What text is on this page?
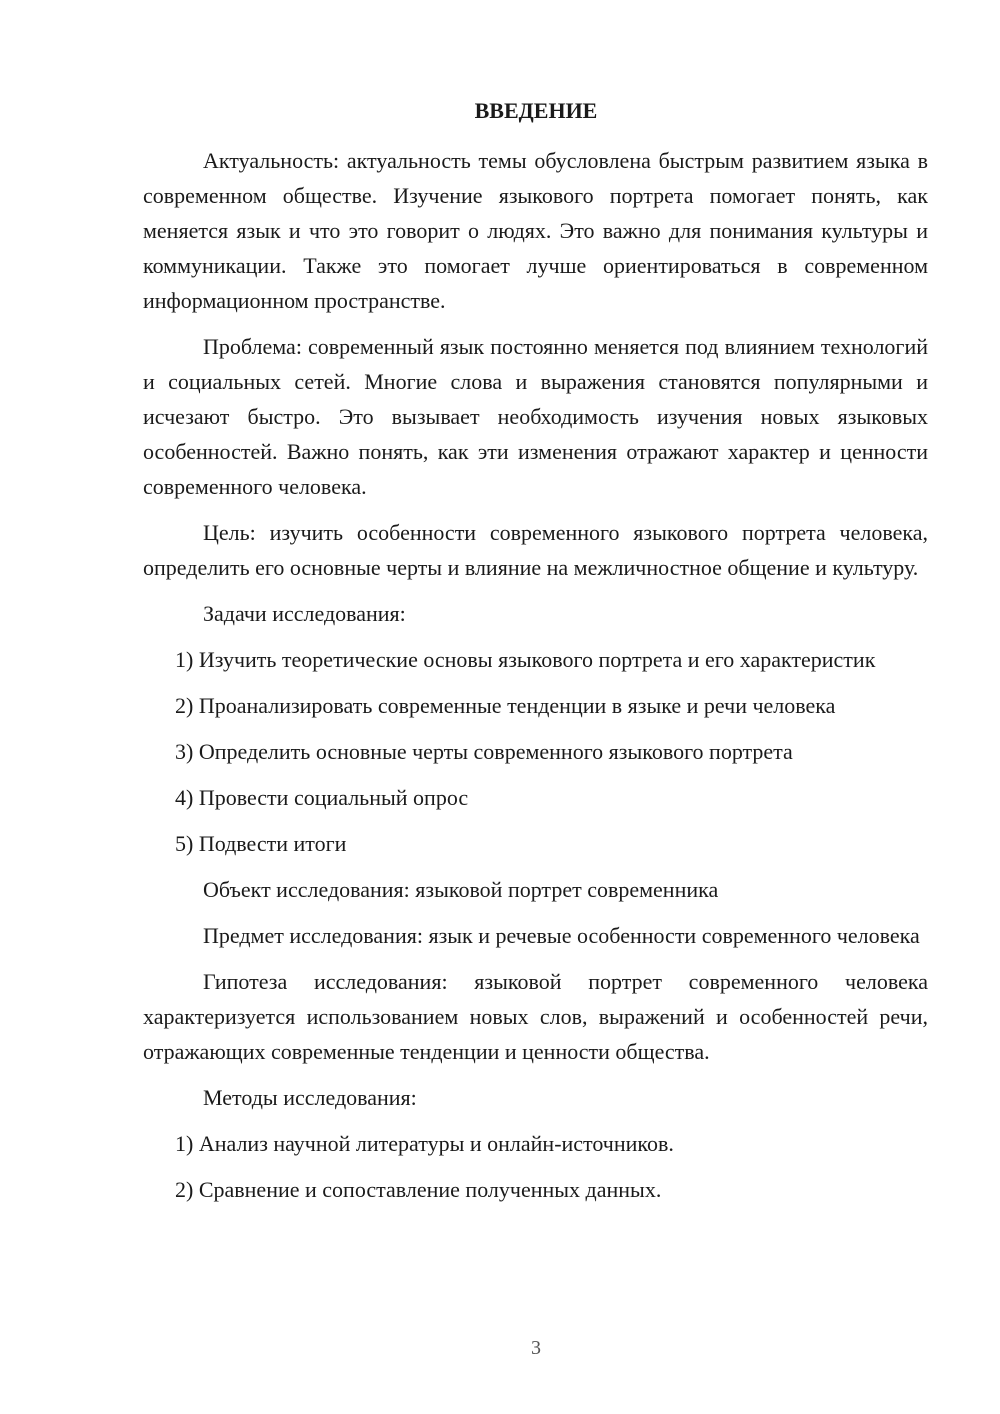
ВВЕДЕНИЕ

Актуальность: актуальность темы обусловлена быстрым развитием языка в современном обществе. Изучение языкового портрета помогает понять, как меняется язык и что это говорит о людях. Это важно для понимания культуры и коммуникации. Также это помогает лучше ориентироваться в современном информационном пространстве.

Проблема: современный язык постоянно меняется под влиянием технологий и социальных сетей. Многие слова и выражения становятся популярными и исчезают быстро. Это вызывает необходимость изучения новых языковых особенностей. Важно понять, как эти изменения отражают характер и ценности современного человека.

Цель: изучить особенности современного языкового портрета человека, определить его основные черты и влияние на межличностное общение и культуру.

Задачи исследования:

1) Изучить теоретические основы языкового портрета и его характеристик

2) Проанализировать современные тенденции в языке и речи человека

3) Определить основные черты современного языкового портрета

4) Провести социальный опрос

5) Подвести итоги

Объект исследования: языковой портрет современника

Предмет исследования: язык и речевые особенности современного человека

Гипотеза исследования: языковой портрет современного человека характеризуется использованием новых слов, выражений и особенностей речи, отражающих современные тенденции и ценности общества.

Методы исследования:

1) Анализ научной литературы и онлайн-источников.

2) Сравнение и сопоставление полученных данных.

3
